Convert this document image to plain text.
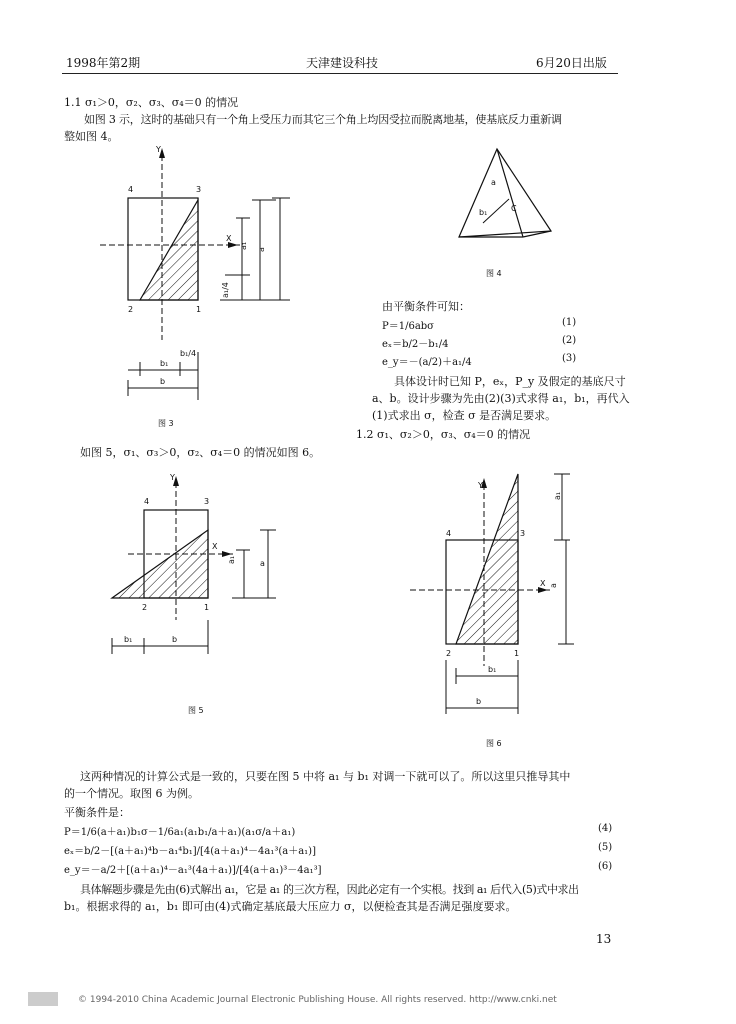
1998年第2期	天津建设科技	6月20日出版
1.1 σ₁＞0，σ₂、σ₃、σ₄＝0 的情况
如图 3 示，这时的基础只有一个角上受压力而其它三个角上均因受拉而脱离地基，使基底反力重新调
整如图 4。
Y
X
4	3
2	1
a₁ a
a₁/4
b₁
b₁/4
b
图 3
a
b₁	C
图 4
由平衡条件可知：
P＝1/6abσ	(1)
eₓ＝b/2－b₁/4	(2)
e_y＝－(a/2)＋a₁/4	(3)
具体设计时已知 P，eₓ，P_y 及假定的基底尺寸
a、b。设计步骤为先由(2)(3)式求得 a₁，b₁，再代入
(1)式求出 σ，检查 σ 是否满足要求。
1.2 σ₁、σ₂＞0，σ₃、σ₄＝0 的情况
如图 5，σ₁、σ₃＞0，σ₂、σ₄＝0 的情况如图 6。
Y
X
4	3
2	1
a₁	a
b₁	b
图 5
Y
X
4	3
2	1
a₁
a
b₁
b
图 6
这两种情况的计算公式是一致的，只要在图 5 中将 a₁ 与 b₁ 对调一下就可以了。所以这里只推导其中
的一个情况。取图 6 为例。
平衡条件是：
P＝1/6(a＋a₁)b₁σ－1/6a₁(a₁b₁/a＋a₁)(a₁σ/a＋a₁)	(4)
eₓ＝b/2－[(a＋a₁)⁴b－a₁⁴b₁]/[4(a＋a₁)⁴－4a₁³(a＋a₁)]	(5)
e_y＝－a/2＋[(a＋a₁)⁴－a₁³(4a＋a₁)]/[4(a＋a₁)³－4a₁³]	(6)
具体解题步骤是先由(6)式解出 a₁，它是 a₁ 的三次方程，因此必定有一个实根。找到 a₁ 后代入(5)式中求出
b₁。根据求得的 a₁，b₁ 即可由(4)式确定基底最大压应力 σ，以便检查其是否满足强度要求。
13
© 1994-2010 China Academic Journal Electronic Publishing House. All rights reserved. http://www.cnki.net
